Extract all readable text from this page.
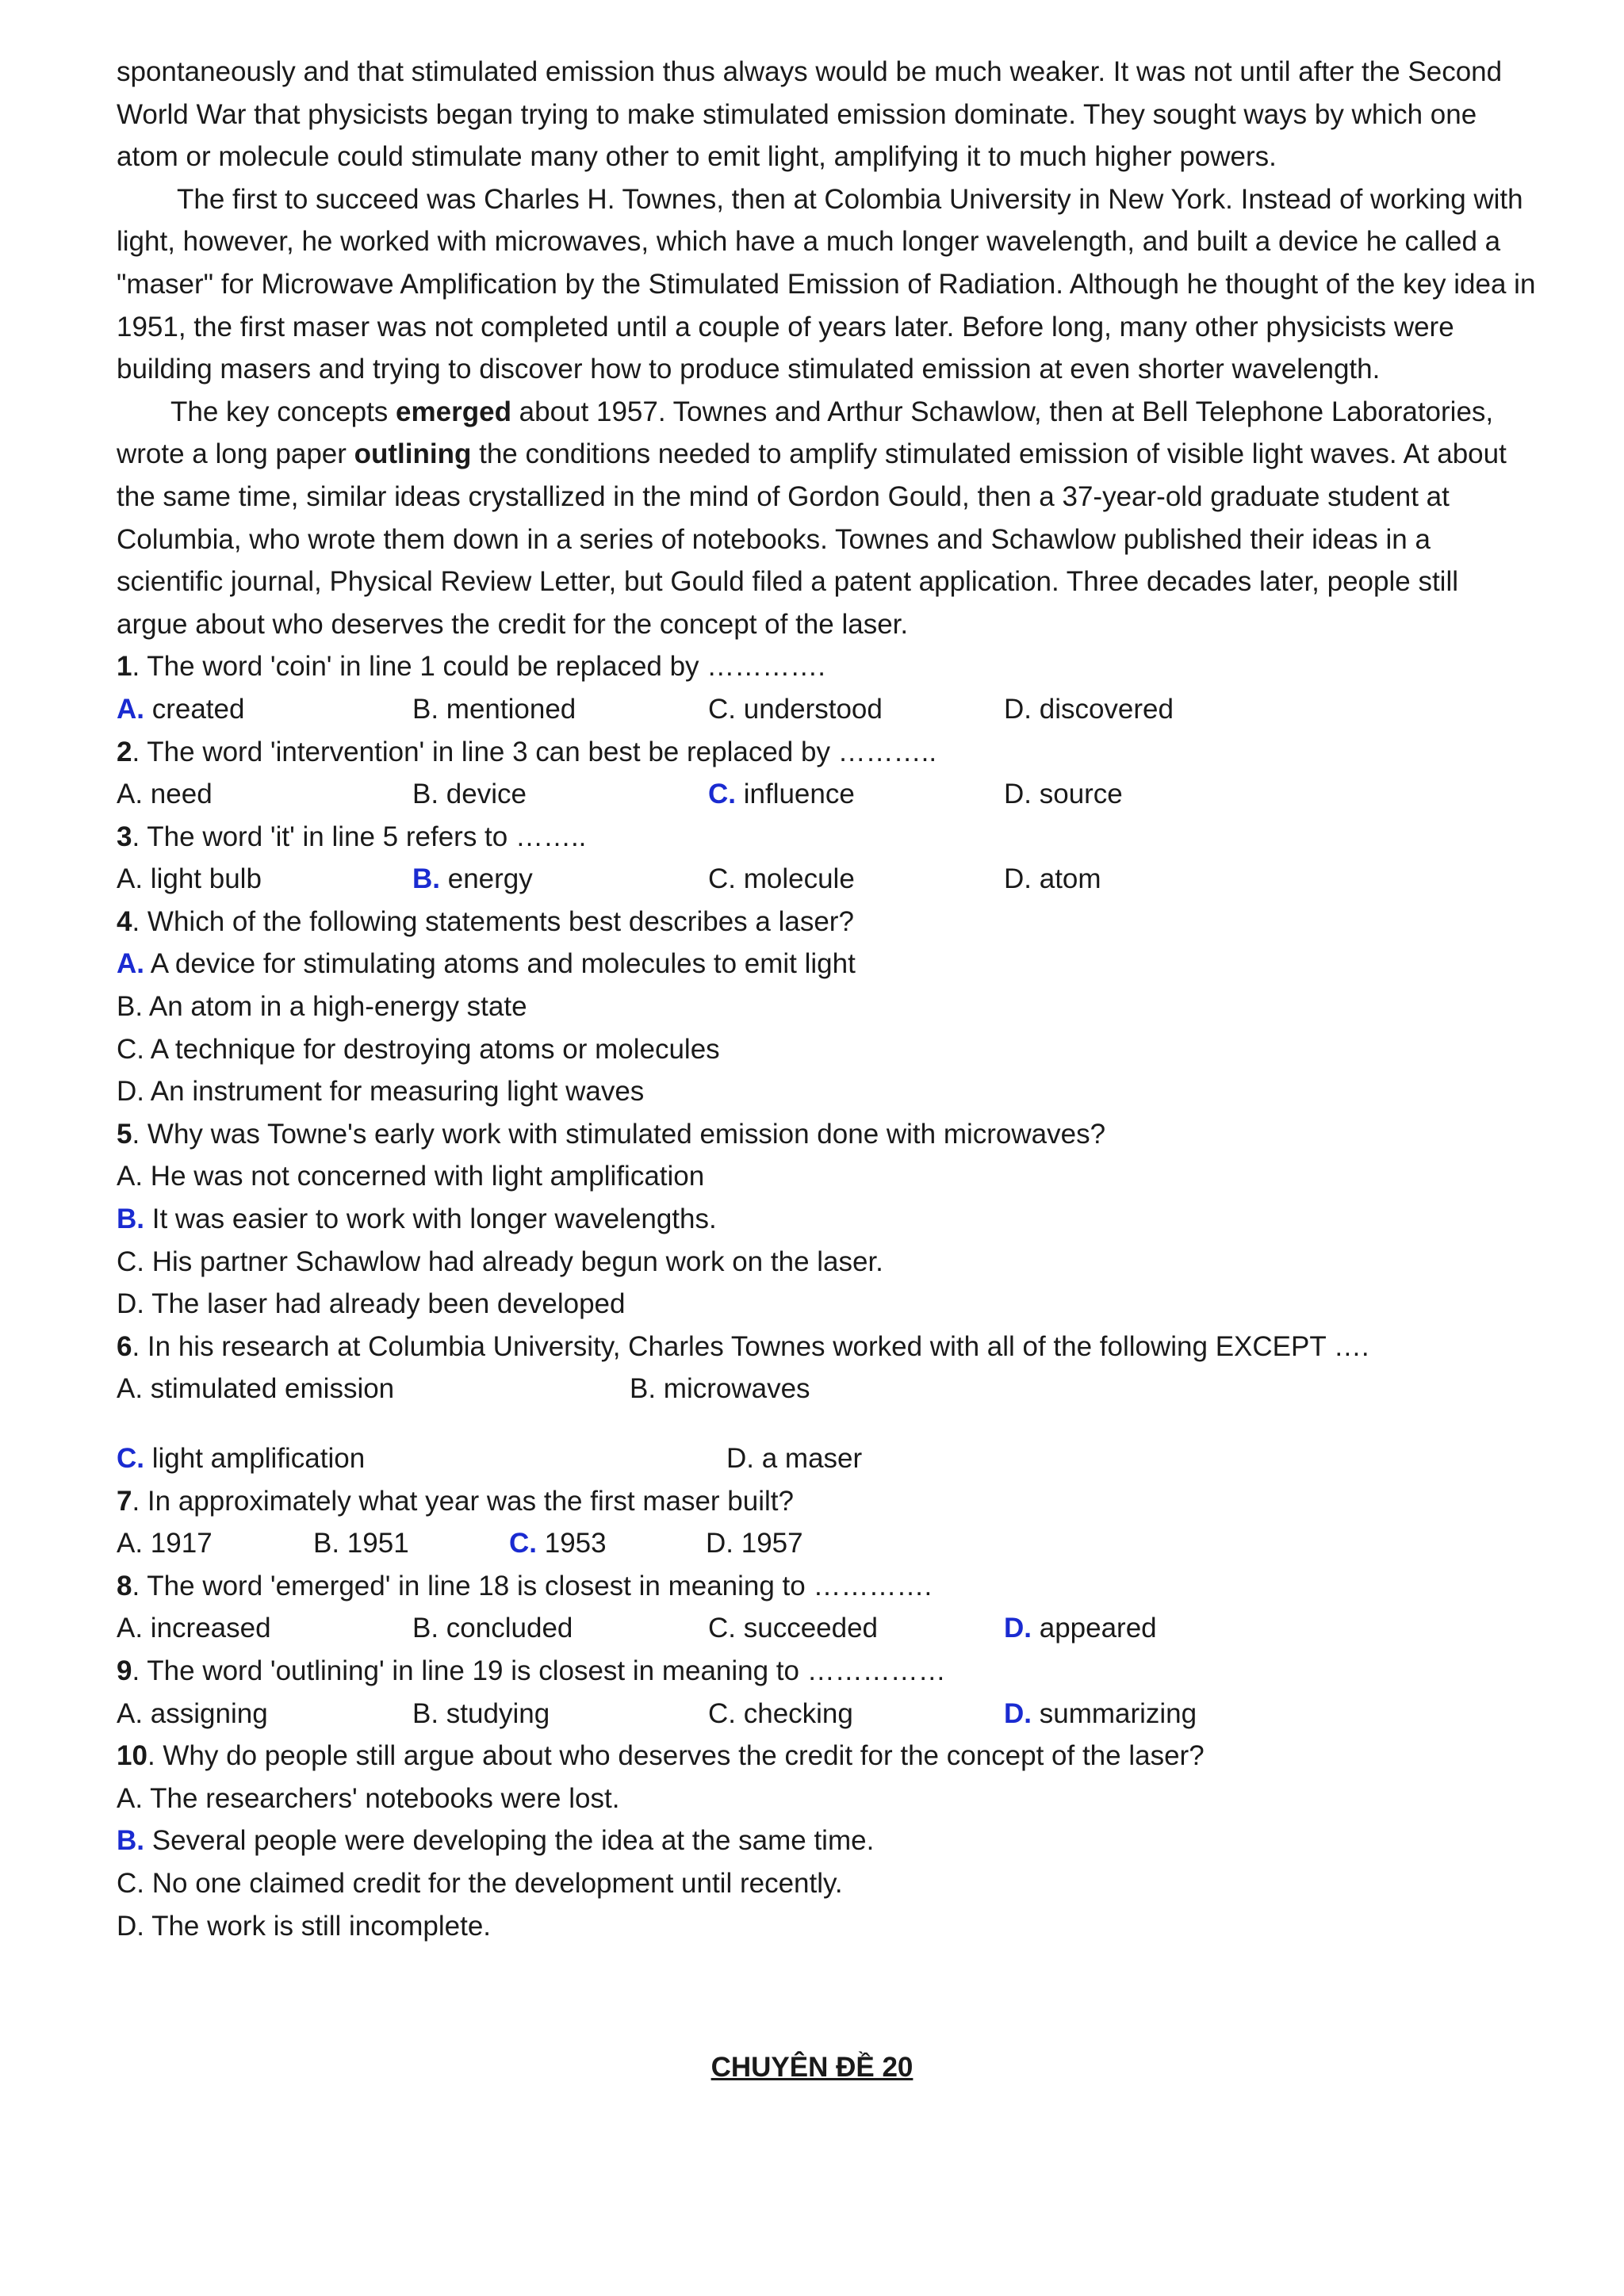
spontaneously and that stimulated emission thus always would be much weaker. It was not until after the Second World War that physicists began trying to make stimulated emission dominate. They sought ways by which one atom or molecule could stimulate many other to emit light, amplifying it to much higher powers.

The first to succeed was Charles H. Townes, then at Colombia University in New York. Instead of working with light, however, he worked with microwaves, which have a much longer wavelength, and built a device he called a "maser" for Microwave Amplification by the Stimulated Emission of Radiation. Although he thought of the key idea in 1951, the first maser was not completed until a couple of years later. Before long, many other physicists were building masers and trying to discover how to produce stimulated emission at even shorter wavelength.

The key concepts emerged about 1957. Townes and Arthur Schawlow, then at Bell Telephone Laboratories, wrote a long paper outlining the conditions needed to amplify stimulated emission of visible light waves. At about the same time, similar ideas crystallized in the mind of Gordon Gould, then a 37-year-old graduate student at Columbia, who wrote them down in a series of notebooks. Townes and Schawlow published their ideas in a scientific journal, Physical Review Letter, but Gould filed a patent application. Three decades later, people still argue about who deserves the credit for the concept of the laser.

1. The word 'coin' in line 1 could be replaced by ………….

A. created	B. mentioned	C. understood	D. discovered

2. The word 'intervention' in line 3 can best be replaced by ………..

A. need	B. device	C. influence	D. source

3. The word 'it' in line 5 refers to ……..

A. light bulb	B. energy	C. molecule	D. atom

4. Which of the following statements best describes a laser?

A. A device for stimulating atoms and molecules to emit light

B. An atom in a high-energy state

C. A technique for destroying atoms or molecules

D. An instrument for measuring light waves

5. Why was Towne's early work with stimulated emission done with microwaves?

A. He was not concerned with light amplification

B. It was easier to work with longer wavelengths.

C. His partner Schawlow had already begun work on the laser.

D. The laser had already been developed

6. In his research at Columbia University, Charles Townes worked with all of the following EXCEPT ….

A. stimulated emission	B. microwaves
C. light amplification	D. a maser

7. In approximately what year was the first maser built?

A. 1917	B. 1951	C. 1953	D. 1957

8. The word 'emerged' in line 18 is closest in meaning to ………….

A. increased	B. concluded	C. succeeded	D. appeared

9. The word 'outlining' in line 19 is closest in meaning to ……………

A. assigning	B. studying	C. checking	D. summarizing

10. Why do people still argue about who deserves the credit for the concept of the laser?

A. The researchers' notebooks were lost.

B. Several people were developing the idea at the same time.

C. No one claimed credit for the development until recently.

D. The work is still incomplete.

CHUYÊN ĐỀ 20
